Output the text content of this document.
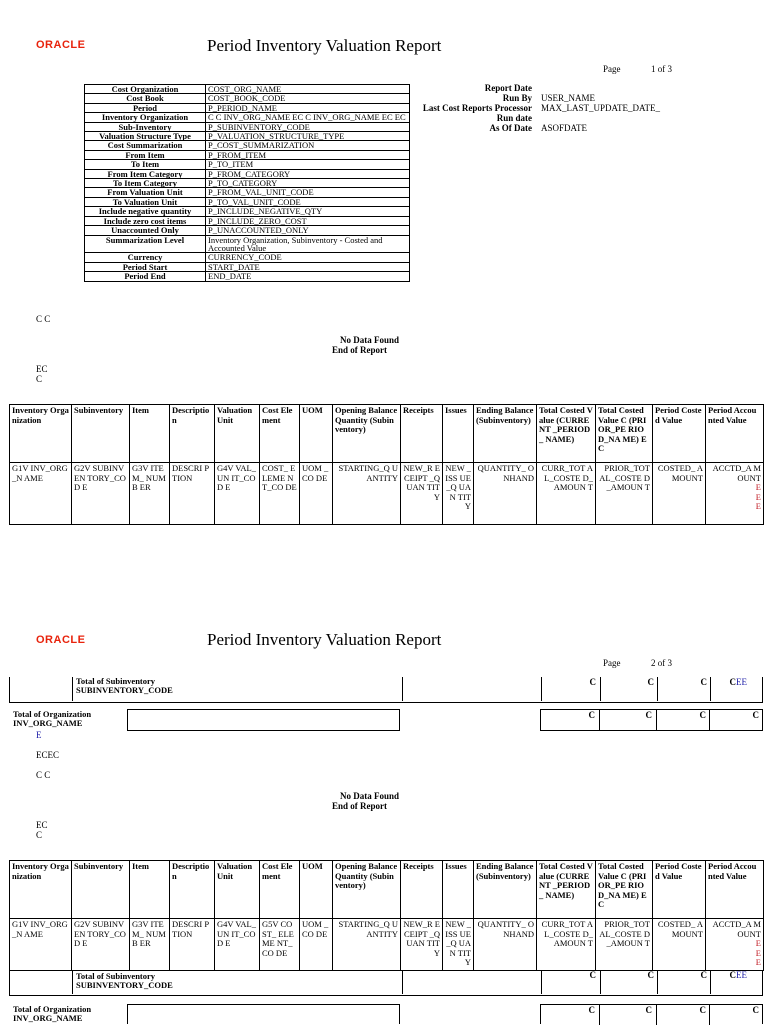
ORACLE	Period Inventory Valuation Report
Page	1 of 3
Cost Organization	COST_ORG_NAME
Cost Book	COST_BOOK_CODE
Period	P_PERIOD_NAME
Inventory Organization	C C INV_ORG_NAME EC C INV_ORG_NAME EC EC
Sub-Inventory	P_SUBINVENTORY_CODE
Valuation Structure Type	P_VALUATION_STRUCTURE_TYPE
Cost Summarization	P_COST_SUMMARIZATION
From Item	P_FROM_ITEM
To Item	P_TO_ITEM
From Item Category	P_FROM_CATEGORY
To Item Category	P_TO_CATEGORY
From Valuation Unit	P_FROM_VAL_UNIT_CODE
To Valuation Unit	P_TO_VAL_UNIT_CODE
Include negative quantity	P_INCLUDE_NEGATIVE_QTY
Include zero cost items	P_INCLUDE_ZERO_COST
Unaccounted Only	P_UNACCOUNTED_ONLY
Summarization Level	Inventory Organization, Subinventory - Costed and Accounted Value
Currency	CURRENCY_CODE
Period Start	START_DATE
Period End	END_DATE
Report Date
Run By USER_NAME
Last Cost Reports Processor MAX_LAST_UPDATE_DATE_
Run date
As Of Date ASOFDATE
C C
No Data Found
End of Report
EC
C
Inventory Organization	Subinventory	Item	Description	Valuation Unit	Cost Element	UOM	Opening Balance Quantity (Subinventory)	Receipts	Issues	Ending Balance (Subinventory)	Total Costed Value (CURRENT _PERIOD_ NAME)	Total Costed Value C (PRIOR_PE RIOD_NA ME) EC	Period Costed Value	Period Accounted Value
G1V INV_ORG_N AME	G2V SUBINVEN TORY_COD E	G3V ITEM_ NUMB ER	DESCRI PTION	G4V VAL_UN IT_COD E	COST_ ELEME NT_CO DE	UOM _CO DE	STARTING_Q UANTITY	NEW_R ECEIPT _QUAN TITY	NEW _ISS UE_Q UAN TITY	QUANTITY_ ONHAND	CURR_TOT AL_COSTE D_AMOUN T	PRIOR_TOT AL_COSTE D_AMOUN T	COSTED_ AMOUNT	ACCTD_A MOUNT
E
E
E
ORACLE	Period Inventory Valuation Report
Page	2 of 3
Total of Subinventory
SUBINVENTORY_CODE
C	C	C	C EE
Total of Organization
INV_ORG_NAME
C	C	C	C
E
ECEC
C C
No Data Found
End of Report
EC
C
Inventory Organization	Subinventory	Item	Description	Valuation Unit	Cost Element	UOM	Opening Balance Quantity (Subinventory)	Receipts	Issues	Ending Balance (Subinventory)	Total Costed Value (CURRENT _PERIOD_ NAME)	Total Costed Value C (PRIOR_PE RIOD_NA ME) EC	Period Costed Value	Period Accounted Value
G1V INV_ORG_N AME	G2V SUBINVEN TORY_COD E	G3V ITEM_ NUMB ER	DESCRI PTION	G4V VAL_UN IT_COD E	G5V COST_ ELEME NT_CO DE	UOM _CO DE	STARTING_Q UANTITY	NEW_R ECEIPT _QUAN TITY	NEW _ISS UE_Q UAN TITY	QUANTITY_ ONHAND	CURR_TOT AL_COSTE D_AMOUN T	PRIOR_TOT AL_COSTE D_AMOUN T	COSTED_ AMOUNT	ACCTD_A MOUNT
E
E
E
Total of Subinventory
SUBINVENTORY_CODE
C	C	C	C EE
Total of Organization
INV_ORG_NAME
C	C	C	C
